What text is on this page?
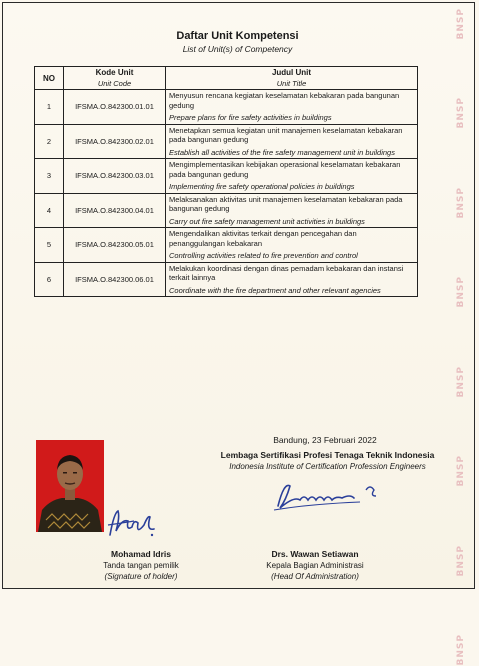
BNSP
BNSP
BNSP
BNSP
BNSP
BNSP
BNSP
BNSP
Daftar Unit Kompetensi
List of Unit(s) of Competency
NO	Kode Unit
Unit Code	Judul Unit
Unit Title

1	IFSMA.O.842300.01.01	Menyusun rencana kegiatan keselamatan kebakaran pada bangunan gedung
Prepare plans for fire safety activities in buildings

2	IFSMA.O.842300.02.01	Menetapkan semua kegiatan unit manajemen keselamatan kebakaran pada bangunan gedung
Establish all activities of the fire safety management unit in buildings

3	IFSMA.O.842300.03.01	Mengimplementasikan kebijakan operasional keselamatan kebakaran pada bangunan gedung
Implementing fire safety operational policies in buildings

4	IFSMA.O.842300.04.01	Melaksanakan aktivitas unit manajemen keselamatan kebakaran pada bangunan gedung
Carry out fire safety management unit activities in buildings

5	IFSMA.O.842300.05.01	Mengendalikan aktivitas terkait dengan pencegahan dan penanggulangan kebakaran
Controlling activities related to fire prevention and control

6	IFSMA.O.842300.06.01	Melakukan koordinasi dengan dinas pemadam kebakaran dan instansi terkait lainnya
Coordinate with the fire department and other relevant agencies
Bandung, 23 Februari 2022
Lembaga Sertifikasi Profesi Tenaga Teknik Indonesia
Indonesia Institute of Certification Profession Engineers
Mohamad Idris
Tanda tangan pemilik
(Signature of holder)
Drs. Wawan Setiawan
Kepala Bagian Administrasi
(Head Of Administration)
